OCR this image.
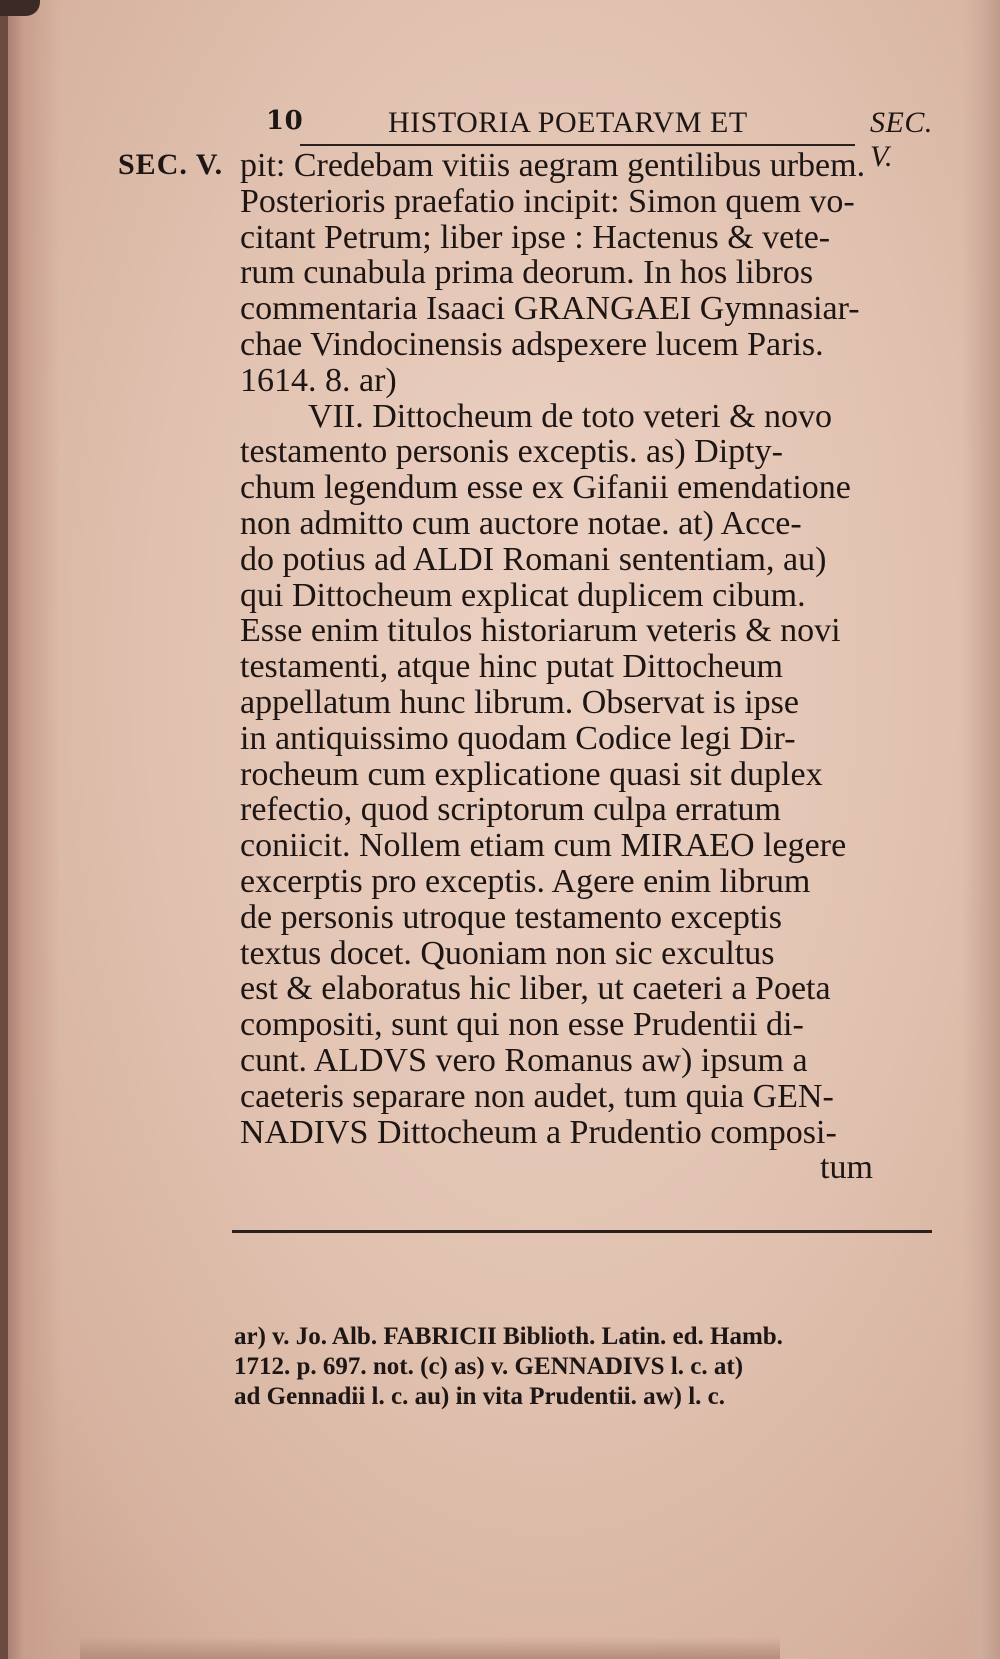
10	HISTORIA POETARVM ET	SEC. V.
SEC. V. pit: Credebam vitiis aegram gentilibus urbem.
Posterioris praefatio incipit: Simon quem vo-
citant Petrum; liber ipse : Hactenus & vete-
rum cunabula prima deorum. In hos libros
commentaria Isaaci GRANGAEI Gymnasiar-
chae Vindocinensis adspexere lucem Paris.
1614. 8. ar)
VII. Dittocheum de toto veteri & novo
testamento personis exceptis. as) Dipty-
chum legendum esse ex Gifanii emendatione
non admitto cum auctore notae. at) Acce-
do potius ad ALDI Romani sententiam, au)
qui Dittocheum explicat duplicem cibum.
Esse enim titulos historiarum veteris & novi
testamenti, atque hinc putat Dittocheum
appellatum hunc librum. Observat is ipse
in antiquissimo quodam Codice legi Dir-
rocheum cum explicatione quasi sit duplex
refectio, quod scriptorum culpa erratum
coniicit. Nollem etiam cum MIRAEO legere
excerptis pro exceptis. Agere enim librum
de personis utroque testamento exceptis
textus docet. Quoniam non sic excultus
est & elaboratus hic liber, ut caeteri a Poeta
compositi, sunt qui non esse Prudentii di-
cunt. ALDVS vero Romanus aw) ipsum a
caeteris separare non audet, tum quia GEN-
NADIVS Dittocheum a Prudentio composi-
tum
ar) v. Jo. Alb. FABRICII Biblioth. Latin. ed. Hamb.
1712. p. 697. not. (c) as) v. GENNADIVS l. c. at)
ad Gennadii l. c. au) in vita Prudentii. aw) l. c.
